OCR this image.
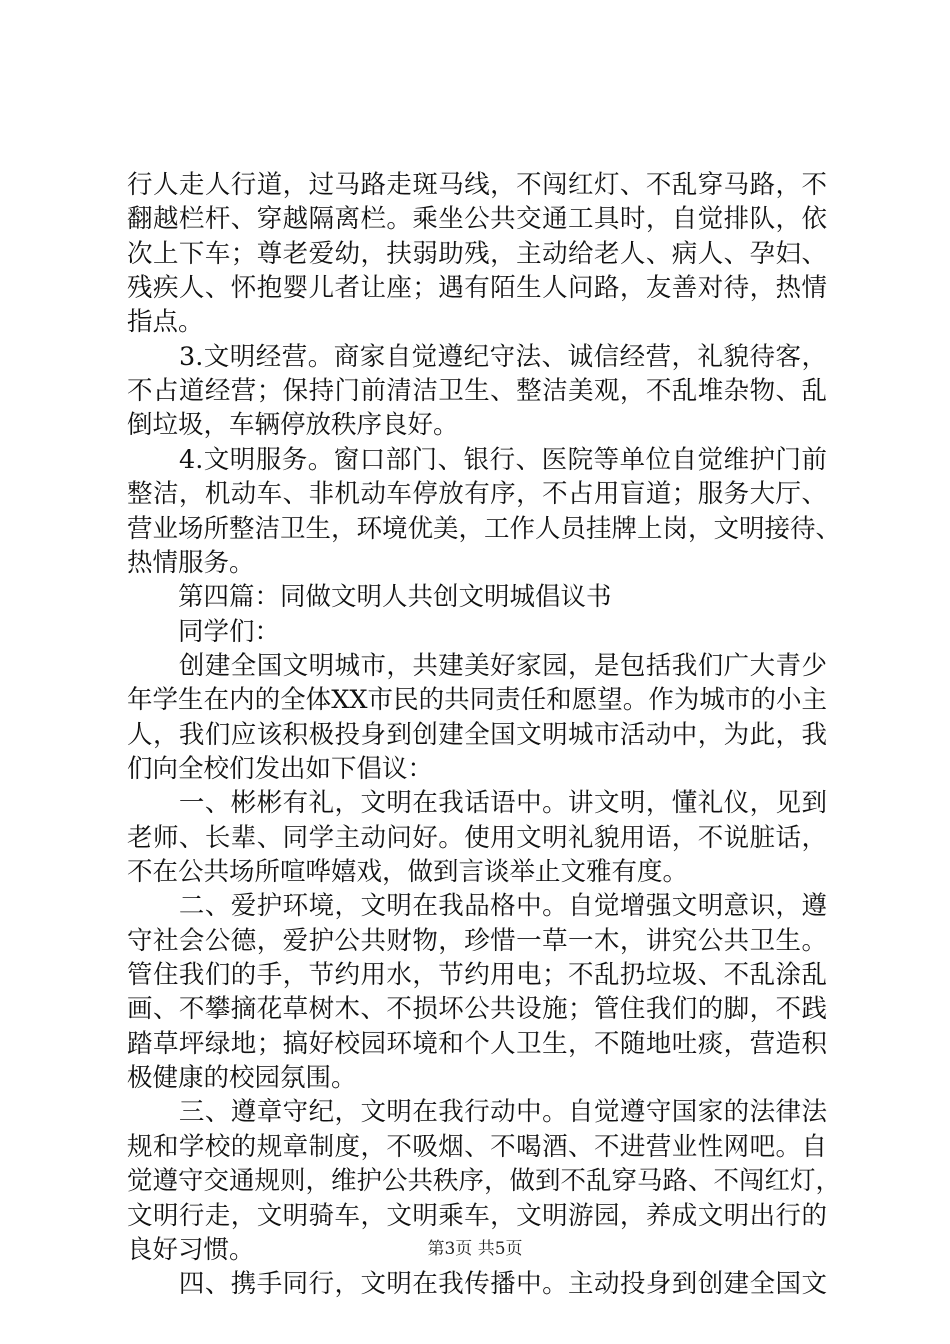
行人走人行道，过马路走斑马线，不闯红灯、不乱穿马路，不
翻越栏杆、穿越隔离栏。乘坐公共交通工具时，自觉排队，依
次上下车；尊老爱幼，扶弱助残，主动给老人、病人、孕妇、
残疾人、怀抱婴儿者让座；遇有陌生人问路，友善对待，热情
指点。
　　3.文明经营。商家自觉遵纪守法、诚信经营，礼貌待客，
不占道经营；保持门前清洁卫生、整洁美观，不乱堆杂物、乱
倒垃圾，车辆停放秩序良好。
　　4.文明服务。窗口部门、银行、医院等单位自觉维护门前
整洁，机动车、非机动车停放有序，不占用盲道；服务大厅、
营业场所整洁卫生，环境优美，工作人员挂牌上岗，文明接待、
热情服务。
　　第四篇：同做文明人共创文明城倡议书
　　同学们：
　　创建全国文明城市，共建美好家园，是包括我们广大青少
年学生在内的全体XX市民的共同责任和愿望。作为城市的小主
人，我们应该积极投身到创建全国文明城市活动中，为此，我
们向全校们发出如下倡议：
　　一、彬彬有礼，文明在我话语中。讲文明，懂礼仪，见到
老师、长辈、同学主动问好。使用文明礼貌用语，不说脏话，
不在公共场所喧哗嬉戏，做到言谈举止文雅有度。
　　二、爱护环境，文明在我品格中。自觉增强文明意识，遵
守社会公德，爱护公共财物，珍惜一草一木，讲究公共卫生。
管住我们的手，节约用水，节约用电；不乱扔垃圾、不乱涂乱
画、不攀摘花草树木、不损坏公共设施；管住我们的脚，不践
踏草坪绿地；搞好校园环境和个人卫生，不随地吐痰，营造积
极健康的校园氛围。
　　三、遵章守纪，文明在我行动中。自觉遵守国家的法律法
规和学校的规章制度，不吸烟、不喝酒、不进营业性网吧。自
觉遵守交通规则，维护公共秩序，做到不乱穿马路、不闯红灯，
文明行走，文明骑车，文明乘车，文明游园，养成文明出行的
良好习惯。
　　四、携手同行，文明在我传播中。主动投身到创建全国文
第3页 共5页
